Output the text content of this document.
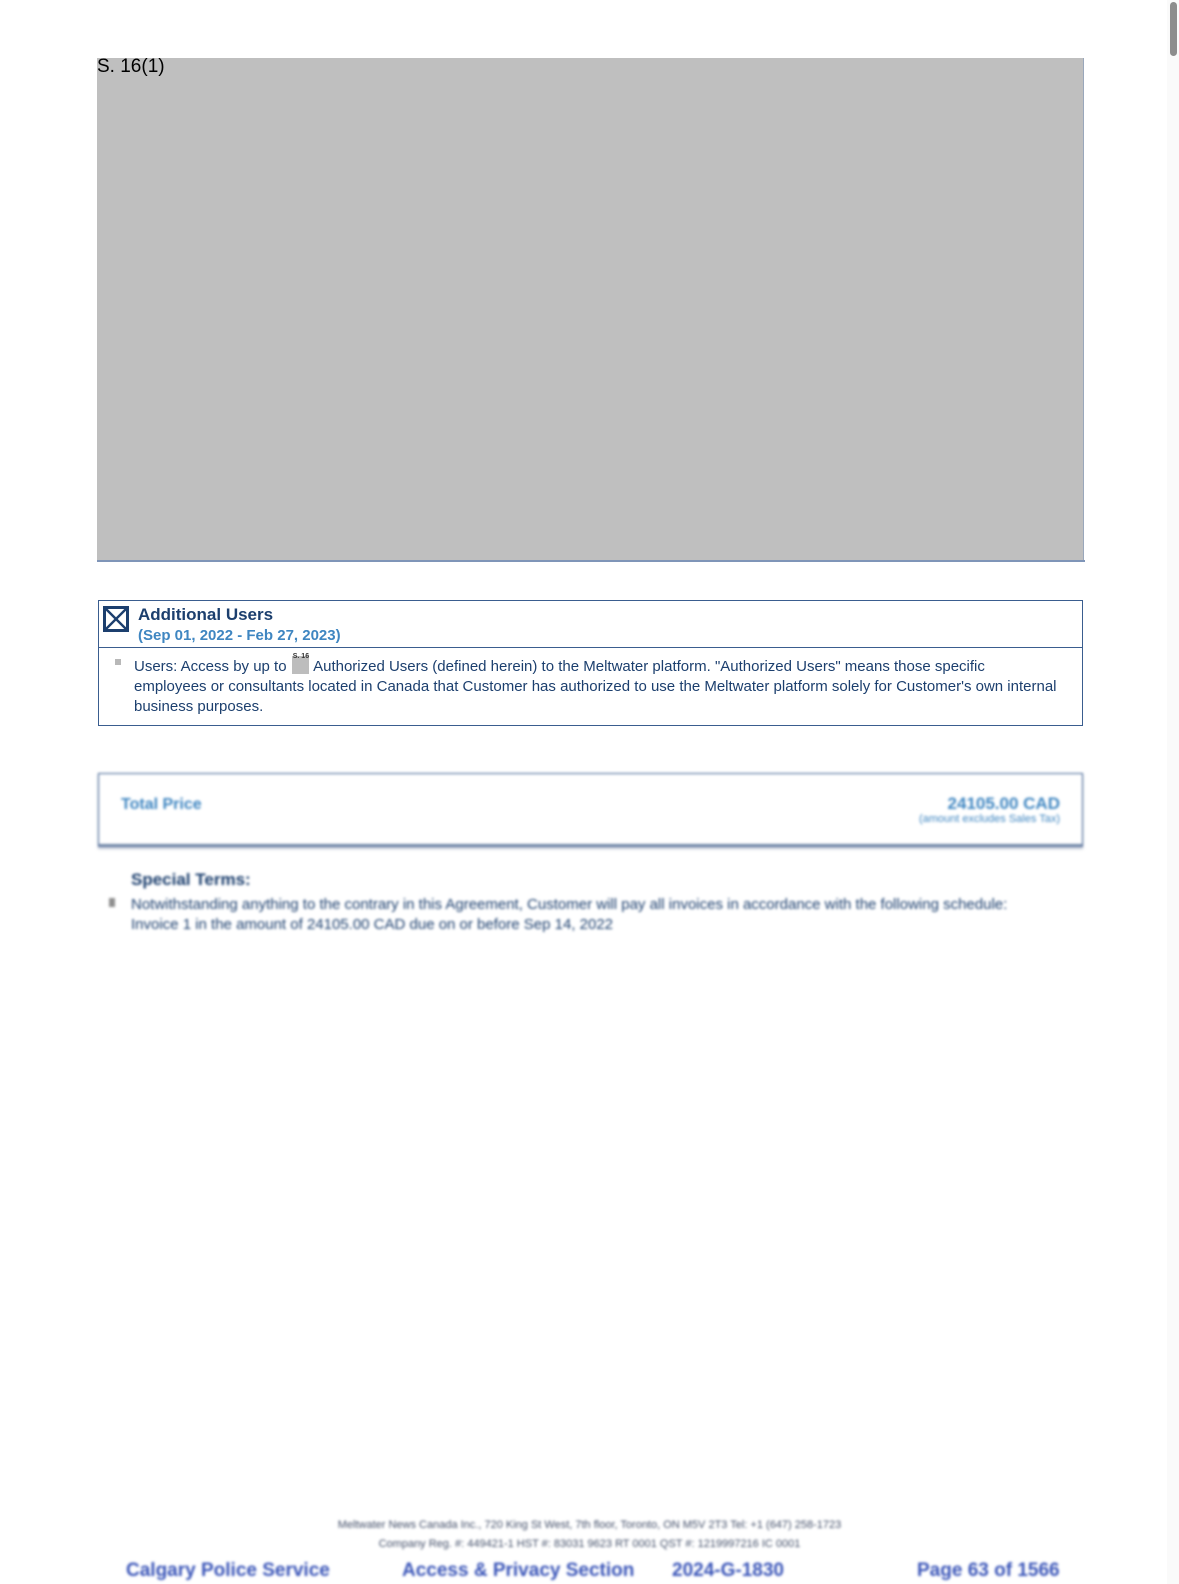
S. 16(1)
Additional Users
(Sep 01, 2022 - Feb 27, 2023)
Users: Access by up to
S. 16
Authorized Users (defined herein) to the Meltwater platform. "Authorized Users" means those specific employees or consultants located in Canada that Customer has authorized to use the Meltwater platform solely for Customer's own internal business purposes.
Total Price	24105.00 CAD
(amount excludes Sales Tax)
Special Terms:
Notwithstanding anything to the contrary in this Agreement, Customer will pay all invoices in accordance with the following schedule: Invoice 1 in the amount of 24105.00 CAD due on or before Sep 14, 2022
Meltwater News Canada Inc., 720 King St West, 7th floor, Toronto, ON M5V 2T3 Tel: +1 (647) 258-1723
Company Reg. #: 449421-1 HST #: 83031 9623 RT 0001 QST #: 1219997216 IC 0001
Calgary Police Service	Access & Privacy Section 2024-G-1830	Page 63 of 1566
